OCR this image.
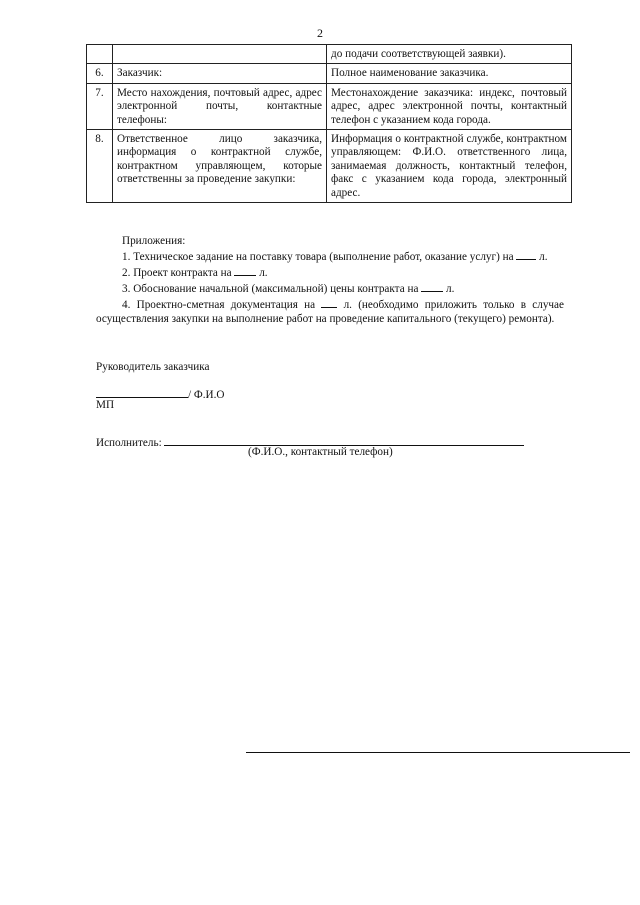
2
		до подачи соответствующей заявки).
6.	Заказчик:	Полное наименование заказчика.
7.	Место нахождения, почтовый адрес, адрес электронной почты, контактные телефоны:	Местонахождение заказчика: индекс, почтовый адрес, адрес электронной почты, контактный телефон с указанием кода города.
8.	Ответственное лицо заказчика, информация о контрактной службе, контрактном управляющем, которые ответственны за проведение закупки:	Информация о контрактной службе, контрактном управляющем: Ф.И.О. ответственного лица, занимаемая должность, контактный телефон, факс с указанием кода города, электронный адрес.

Приложения:

1. Техническое задание на поставку товара (выполнение работ, оказание услуг) на л.

2. Проект контракта на л.

3. Обоснование начальной (максимальной) цены контракта на л.

4. Проектно-сметная документация на	л. (необходимо приложить только в случае осуществления закупки на выполнение работ на проведение капитального (текущего) ремонта).

Руководитель заказчика
/ Ф.И.О
МП
Исполнитель:
(Ф.И.О., контактный телефон)
